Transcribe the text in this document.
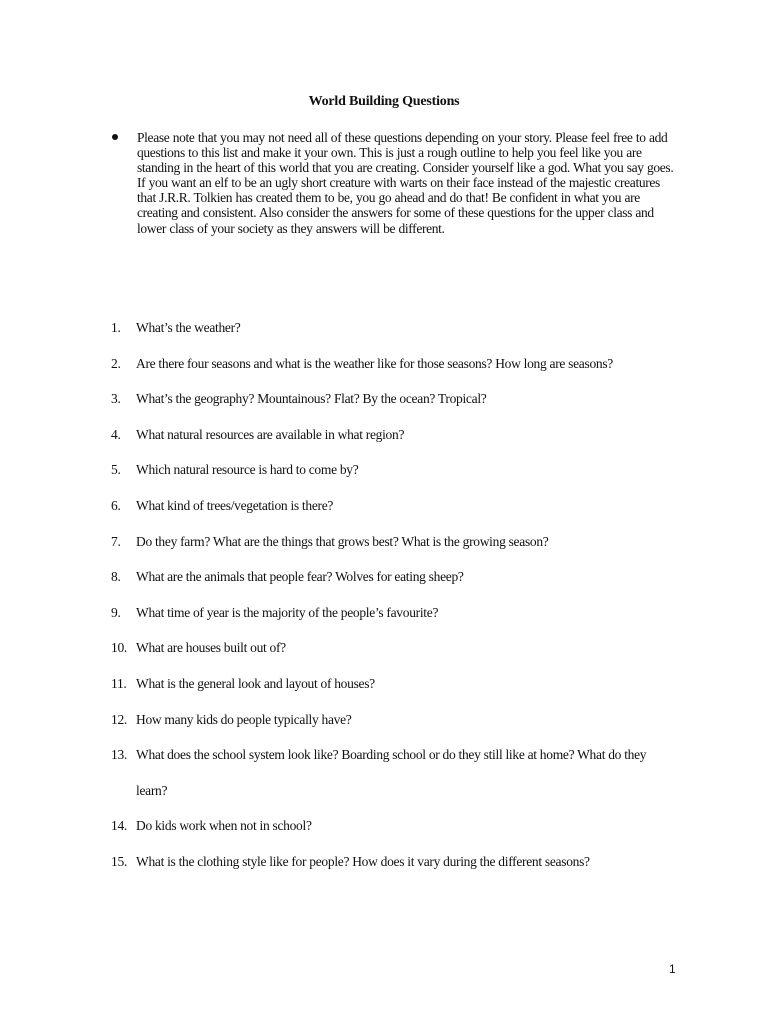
World Building Questions
Please note that you may not need all of these questions depending on your story. Please feel free to add questions to this list and make it your own. This is just a rough outline to help you feel like you are standing in the heart of this world that you are creating. Consider yourself like a god. What you say goes. If you want an elf to be an ugly short creature with warts on their face instead of the majestic creatures that J.R.R. Tolkien has created them to be, you go ahead and do that! Be confident in what you are creating and consistent. Also consider the answers for some of these questions for the upper class and lower class of your society as they answers will be different.
1.	What’s the weather?
2.	Are there four seasons and what is the weather like for those seasons? How long are seasons?
3.	What’s the geography? Mountainous? Flat? By the ocean? Tropical?
4.	What natural resources are available in what region?
5.	Which natural resource is hard to come by?
6.	What kind of trees/vegetation is there?
7.	Do they farm? What are the things that grows best? What is the growing season?
8.	What are the animals that people fear? Wolves for eating sheep?
9.	What time of year is the majority of the people’s favourite?
10. What are houses built out of?
11. What is the general look and layout of houses?
12. How many kids do people typically have?
13. What does the school system look like? Boarding school or do they still like at home? What do they learn?
14. Do kids work when not in school?
15. What is the clothing style like for people? How does it vary during the different seasons?
1
